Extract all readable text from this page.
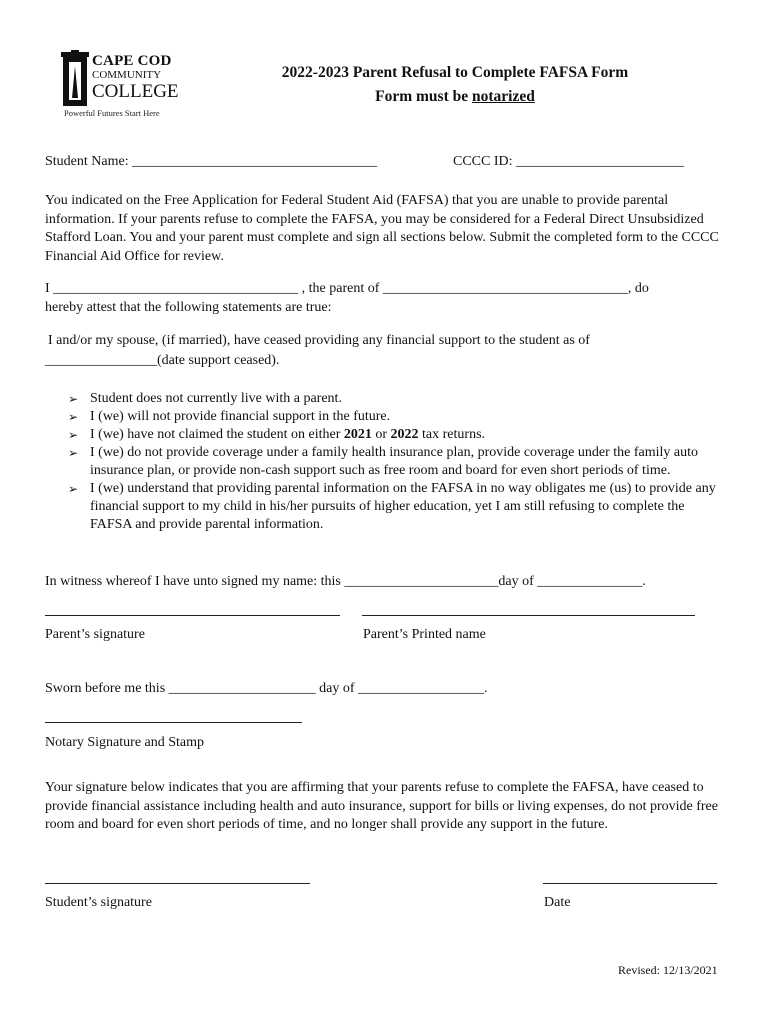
CAPE COD
COMMUNITY
COLLEGE
Powerful Futures Start Here
2022-2023 Parent Refusal to Complete FAFSA Form
Form must be notarized
Student Name: ___________________________________	CCCC ID: ________________________
You indicated on the Free Application for Federal Student Aid (FAFSA) that you are unable to provide parental information. If your parents refuse to complete the FAFSA, you may be considered for a Federal Direct Unsubsidized Stafford Loan. You and your parent must complete and sign all sections below. Submit the completed form to the CCCC Financial Aid Office for review.
I ___________________________________ , the parent of ___________________________________, do
hereby attest that the following statements are true:
I and/or my spouse, (if married), have ceased providing any financial support to the student as of
________________(date support ceased).
➢ Student does not currently live with a parent.
➢ I (we) will not provide financial support in the future.
➢ I (we) have not claimed the student on either 2021 or 2022 tax returns.
➢ I (we) do not provide coverage under a family health insurance plan, provide coverage under the family auto insurance plan, or provide non-cash support such as free room and board for even short periods of time.
➢ I (we) understand that providing parental information on the FAFSA in no way obligates me (us) to provide any financial support to my child in his/her pursuits of higher education, yet I am still refusing to complete the FAFSA and provide parental information.
In witness whereof I have unto signed my name: this ______________________day of _______________.
Parent’s signature	Parent’s Printed name
Sworn before me this _____________________ day of __________________.
Notary Signature and Stamp
Your signature below indicates that you are affirming that your parents refuse to complete the FAFSA, have ceased to provide financial assistance including health and auto insurance, support for bills or living expenses, do not provide free room and board for even short periods of time, and no longer shall provide any support in the future.
Student’s signature	Date
Revised: 12/13/2021
